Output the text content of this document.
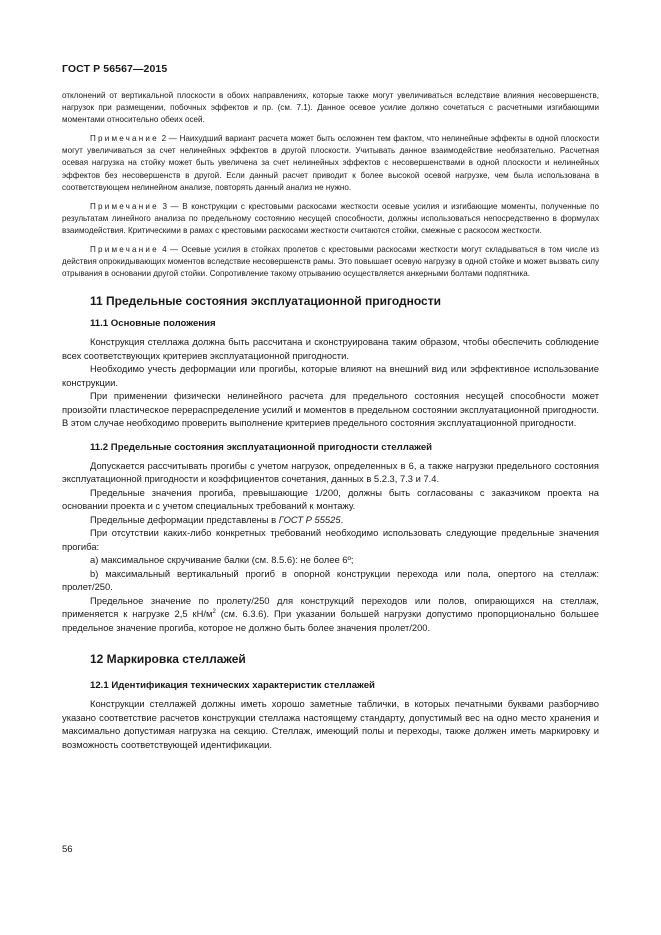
ГОСТ Р 56567—2015

отклонений от вертикальной плоскости в обоих направлениях, которые также могут увеличиваться вследствие влияния несовершенств, нагрузок при размещении, побочных эффектов и пр. (см. 7.1). Данное осевое усилие должно сочетаться с расчетными изгибающими моментами относительно обеих осей.

Примечание 2 — Наихудший вариант расчета может быть осложнен тем фактом, что нелинейные эффекты в одной плоскости могут увеличиваться за счет нелинейных эффектов в другой плоскости. Учитывать данное взаимодействие необязательно. Расчетная осевая нагрузка на стойку может быть увеличена за счет нелинейных эффектов с несовершенствами в одной плоскости и нелинейных эффектов без несовершенств в другой. Если данный расчет приводит к более высокой осевой нагрузке, чем была использована в соответствующем нелинейном анализе, повторять данный анализ не нужно.

Примечание 3 — В конструкции с крестовыми раскосами жесткости осевые усилия и изгибающие моменты, полученные по результатам линейного анализа по предельному состоянию несущей способности, должны использоваться непосредственно в формулах взаимодействия. Критическими в рамах с крестовыми раскосами жесткости считаются стойки, смежные с раскосом жесткости.

Примечание 4 — Осевые усилия в стойках пролетов с крестовыми раскосами жесткости могут складываться в том числе из действия опрокидывающих моментов вследствие несовершенств рамы. Это повышает осевую нагрузку в одной стойке и может вызвать силу отрывания в основании другой стойки. Сопротивление такому отрыванию осуществляется анкерными болтами подпятника.

11 Предельные состояния эксплуатационной пригодности
11.1 Основные положения

Конструкция стеллажа должна быть рассчитана и сконструирована таким образом, чтобы обеспечить соблюдение всех соответствующих критериев эксплуатационной пригодности.

Необходимо учесть деформации или прогибы, которые влияют на внешний вид или эффективное использование конструкции.

При применении физически нелинейного расчета для предельного состояния несущей способности может произойти пластическое перераспределение усилий и моментов в предельном состоянии эксплуатационной пригодности. В этом случае необходимо проверить выполнение критериев предельного состояния эксплуатационной пригодности.

11.2 Предельные состояния эксплуатационной пригодности стеллажей

Допускается рассчитывать прогибы с учетом нагрузок, определенных в 6, а также нагрузки предельного состояния эксплуатационной пригодности и коэффициентов сочетания, данных в 5.2.3, 7.3 и 7.4.

Предельные значения прогиба, превышающие 1/200, должны быть согласованы с заказчиком проекта на основании проекта и с учетом специальных требований к монтажу.

Предельные деформации представлены в ГОСТ Р 55525.

При отсутствии каких-либо конкретных требований необходимо использовать следующие предельные значения прогиба:

a) максимальное скручивание балки (см. 8.5.6): не более 6º;

b) максимальный вертикальный прогиб в опорной конструкции перехода или пола, опертого на стеллаж: пролет/250.

Предельное значение по пролету/250 для конструкций переходов или полов, опирающихся на стеллаж, применяется к нагрузке 2,5 $кН/м^2$ (см. 6.3.6). При указании большей нагрузки допустимо пропорционально большее предельное значение прогиба, которое не должно быть более значения пролет/200.

12 Маркировка стеллажей
12.1 Идентификация технических характеристик стеллажей

Конструкции стеллажей должны иметь хорошо заметные таблички, в которых печатными буквами разборчиво указано соответствие расчетов конструкции стеллажа настоящему стандарту, допустимый вес на одно место хранения и максимально допустимая нагрузка на секцию. Стеллаж, имеющий полы и переходы, также должен иметь маркировку и возможность соответствующей идентификации.

56
